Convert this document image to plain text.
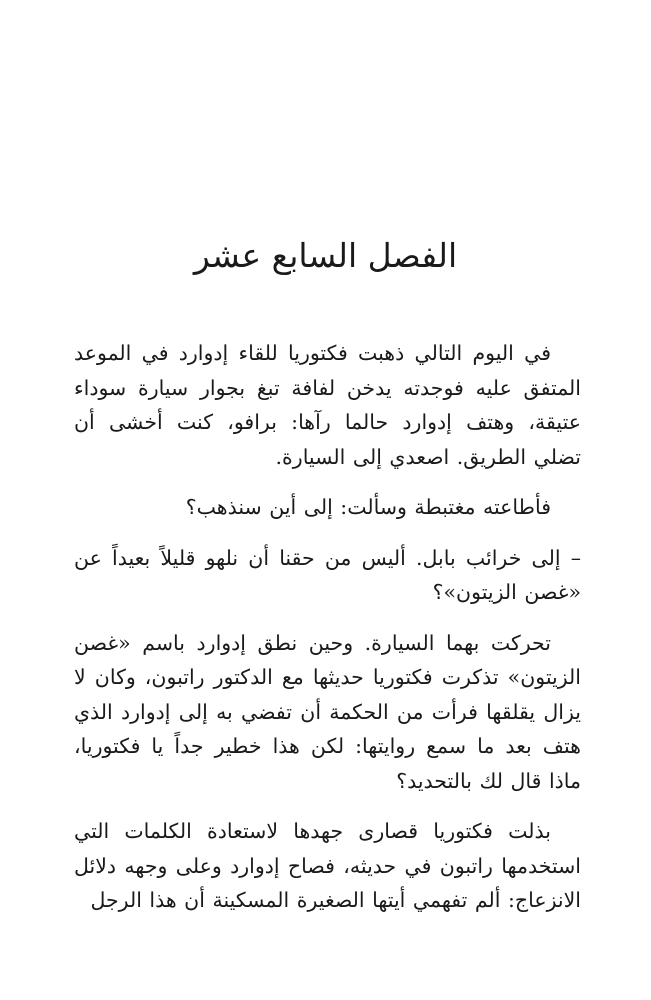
الفصل السابع عشر

في اليوم التالي ذهبت فكتوريا للقاء إدوارد في الموعد المتفق عليه فوجدته يدخن لفافة تبغ بجوار سيارة سوداء عتيقة، وهتف إدوارد حالما رآها: برافو، كنت أخشى أن تضلي الطريق. اصعدي إلى السيارة.

فأطاعته مغتبطة وسألت: إلى أين سنذهب؟

– إلى خرائب بابل. أليس من حقنا أن نلهو قليلاً بعيداً عن «غصن الزيتون»؟

تحركت بهما السيارة. وحين نطق إدوارد باسم «غصن الزيتون» تذكرت فكتوريا حديثها مع الدكتور راتبون، وكان لا يزال يقلقها فرأت من الحكمة أن تفضي به إلى إدوارد الذي هتف بعد ما سمع روايتها: لكن هذا خطير جداً يا فكتوريا، ماذا قال لك بالتحديد؟

بذلت فكتوريا قصارى جهدها لاستعادة الكلمات التي استخدمها راتبون في حديثه، فصاح إدوارد وعلى وجهه دلائل الانزعاج: ألم تفهمي أيتها الصغيرة المسكينة أن هذا الرجل
